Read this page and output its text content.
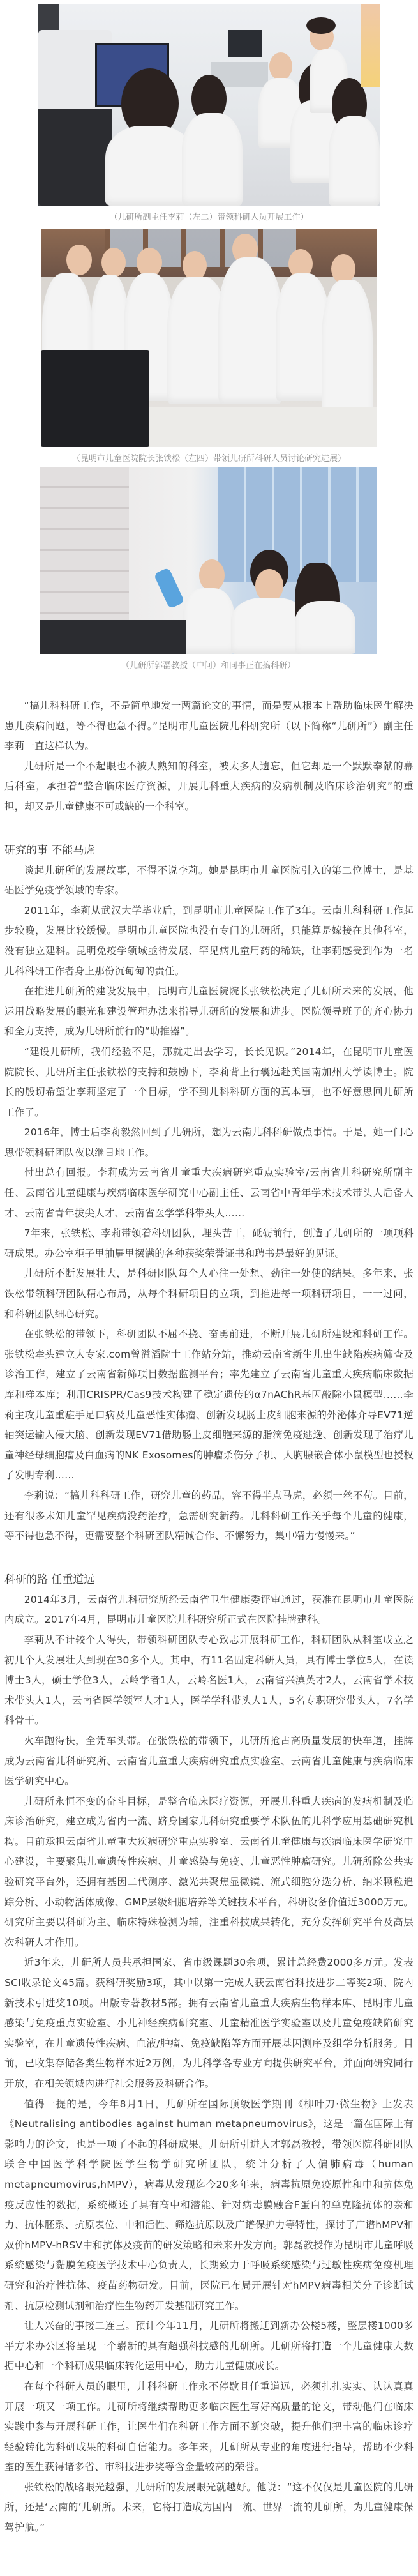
（儿研所副主任李莉（左二）带领科研人员开展工作）
（昆明市儿童医院院长张铁松（左四）带领儿研所科研人员讨论研究进展）
（儿研所郭磊教授（中间）和同事正在搞科研）

“搞儿科科研工作，不是简单地发一两篇论文的事情，而是要从根本上帮助临床医生解决患儿疾病问题，等不得也急不得。”昆明市儿童医院儿科研究所（以下简称“儿研所”）副主任李莉一直这样认为。

儿研所是一个不起眼也不被人熟知的科室，被太多人遗忘，但它却是一个默默奉献的幕后科室，承担着“整合临床医疗资源，开展儿科重大疾病的发病机制及临床诊治研究”的重担，却又是儿童健康不可或缺的一个科室。

研究的事 不能马虎

谈起儿研所的发展故事，不得不说李莉。她是昆明市儿童医院引入的第二位博士，是基础医学免疫学领域的专家。

2011年，李莉从武汉大学毕业后，到昆明市儿童医院工作了3年。云南儿科科研工作起步较晚，发展比较缓慢。昆明市儿童医院也没有专门的儿研所，只能算是嫁接在其他科室，没有独立建科。昆明免疫学领域亟待发展、罕见病儿童用药的稀缺，让李莉感受到作为一名儿科科研工作者身上那份沉甸甸的责任。

在推进儿研所的建设发展中，昆明市儿童医院院长张铁松决定了儿研所未来的发展，他运用战略发展的眼光和建设管理办法来指导儿研所的发展和进步。医院领导班子的齐心协力和全力支持，成为儿研所前行的“助推器”。

“建设儿研所，我们经验不足，那就走出去学习，长长见识。”2014年，在昆明市儿童医院院长、儿研所主任张铁松的支持和鼓励下，李莉背上行囊远赴美国南加州大学读博士。院长的殷切希望让李莉坚定了一个目标，学不到儿科科研方面的真本事，也不好意思回儿研所工作了。

2016年，博士后李莉毅然回到了儿研所，想为云南儿科科研做点事情。于是，她一门心思带领科研团队夜以继日地工作。

付出总有回报。李莉成为云南省儿童重大疾病研究重点实验室/云南省儿科研究所副主任、云南省儿童健康与疾病临床医学研究中心副主任、云南省中青年学术技术带头人后备人才、云南省青年拔尖人才、云南省医学学科带头人……

7年来，张铁松、李莉带领着科研团队，埋头苦干，砥砺前行，创造了儿研所的一项项科研成果。办公室柜子里抽屉里摆满的各种获奖荣誉证书和聘书是最好的见证。

儿研所不断发展壮大，是科研团队每个人心往一处想、劲往一处使的结果。多年来，张铁松带领科研团队精心布局，从每个科研项目的立项，到推进每一项科研项目，一一过问，和科研团队细心研究。

在张铁松的带领下，科研团队不屈不挠、奋勇前进，不断开展儿研所建设和科研工作。张铁松牵头建立大专家.com曾溢滔院士工作站分站，推动云南省新生儿出生缺陷疾病筛查及诊治工作，建立了云南省新筛项目数据监测平台；率先建立了云南省儿童重大疾病临床数据库和样本库；利用CRISPR/Cas9技术构建了稳定遗传的α7nAChR基因敲除小鼠模型……李莉主攻儿童重症手足口病及儿童恶性实体瘤、创新发现肠上皮细胞来源的外泌体介导EV71逆轴突运输入侵大脑、创新发现EV71借助肠上皮细胞来源的脂滴免疫逃逸、创新发现了治疗儿童神经母细胞瘤及白血病的NK Exosomes的肿瘤杀伤分子机、人胸腺嵌合体小鼠模型也授权了发明专利……

李莉说：“搞儿科科研工作，研究儿童的药品，容不得半点马虎，必须一丝不苟。目前，还有很多未知儿童罕见疾病没药治疗，急需研究新药。儿科科研工作关乎每个儿童的健康，等不得也急不得，更需要整个科研团队精诚合作、不懈努力，集中精力慢慢来。”

科研的路 任重道远

2014年3月，云南省儿科研究所经云南省卫生健康委评审通过，获准在昆明市儿童医院内成立。2017年4月，昆明市儿童医院儿科研究所正式在医院挂牌建科。

李莉从不计较个人得失，带领科研团队专心致志开展科研工作，科研团队从科室成立之初几个人发展壮大到现在30多个人。其中，有11名固定科研人员，具有博士学位5人，在读博士3人，硕士学位3人，云岭学者1人，云岭名医1人，云南省兴滇英才2人，云南省学术技术带头人1人，云南省医学领军人才1人，医学学科带头人1人，5名专职研究带头人，7名学科骨干。

火车跑得快，全凭车头带。在张铁松的带领下，儿研所抢占高质量发展的快车道，挂牌成为云南省儿科研究所、云南省儿童重大疾病研究重点实验室、云南省儿童健康与疾病临床医学研究中心。

儿研所永恒不变的奋斗目标，是整合临床医疗资源，开展儿科重大疾病的发病机制及临床诊治研究，建立成为省内一流、跻身国家儿科研究重要学术队伍的儿科学应用基础研究机构。目前承担云南省儿童重大疾病研究重点实验室、云南省儿童健康与疾病临床医学研究中心建设，主要聚焦儿童遗传性疾病、儿童感染与免疫、儿童恶性肿瘤研究。儿研所除公共实验研究平台外，还拥有基因二代测序、激光共聚焦显微镜、流式细胞分选分析、纳米颗粒追踪分析、小动物活体成像、GMP层级细胞培养等关键技术平台，科研设备价值近3000万元。研究所主要以科研为主、临床特殊检测为辅，注重科技成果转化，充分发挥研究平台及高层次科研人才作用。

近3年来，儿研所人员共承担国家、省市级课题30余项，累计总经费2000多万元。发表SCI收录论文45篇。获科研奖励3项，其中以第一完成人获云南省科技进步二等奖2项、院内新技术引进奖10项。出版专著教材5部。拥有云南省儿童重大疾病生物样本库、昆明市儿童感染与免疫重点实验室、小儿神经疾病研究室、儿童精准医学实验室以及儿童免疫缺陷研究实验室，在儿童遗传性疾病、血液/肿瘤、免疫缺陷等方面开展基因测序及组学分析服务。目前，已收集存储各类生物样本近2万例，为儿科学各专业方向提供研究平台，并面向研究同行开放，在相关领域内进行社会服务及科研合作。

值得一提的是，今年8月1日，儿研所在国际顶级医学期刊《柳叶刀·微生物》上发表《Neutralising antibodies against human metapneumovirus》，这是一篇在国际上有影响力的论文，也是一项了不起的科研成果。儿研所引进人才郭磊教授，带领医院科研团队联合中国医学科学院医学生物学研究所团队，统计分析了人偏肺病毒（human metapneumovirus,hMPV），病毒从发现迄今20多年来，病毒抗原免疫原性和中和抗体免疫反应性的数据，系统概述了具有高中和潜能、针对病毒膜融合F蛋白的单克隆抗体的亲和力、抗体胚系、抗原表位、中和活性、筛选抗原以及广谱保护力等特性，探讨了广谱hMPV和双价hMPV-hRSV中和抗体及疫苗的研发策略和未来开发方向。郭磊教授作为昆明市儿童呼吸系统感染与黏膜免疫医学技术中心负责人，长期致力于呼吸系统感染与过敏性疾病免疫机理研究和治疗性抗体、疫苗药物研发。目前，医院已布局开展针对hMPV病毒相关分子诊断试剂、抗原检测试剂和治疗性生物药开发基础研究工作。

让人兴奋的事接二连三。预计今年11月，儿研所将搬迁到新办公楼5楼，整层楼1000多平方米办公区将呈现一个崭新的具有超强科技感的儿研所。儿研所将打造一个儿童健康大数据中心和一个科研成果临床转化运用中心，助力儿童健康成长。

在每个科研人员的眼里，儿科科研工作永不停歇且任重道远，必须扎扎实实、认认真真开展一项又一项工作。儿研所将继续帮助更多临床医生写好高质量的论文，带动他们在临床实践中参与开展科研工作，让医生们在科研工作方面不断突破，提升他们把丰富的临床诊疗经验转化为科研成果的科研自信能力。多年来，儿研所从专业的角度进行指导，帮助不少科室的医生获得诸多省、市科技进步奖等含金量较高的荣誉。

张铁松的战略眼光越强，儿研所的发展眼光就越好。他说：“这不仅仅是儿童医院的儿研所，还是‘云南的’儿研所。未来，它将打造成为国内一流、世界一流的儿研所，为儿童健康保驾护航。”
